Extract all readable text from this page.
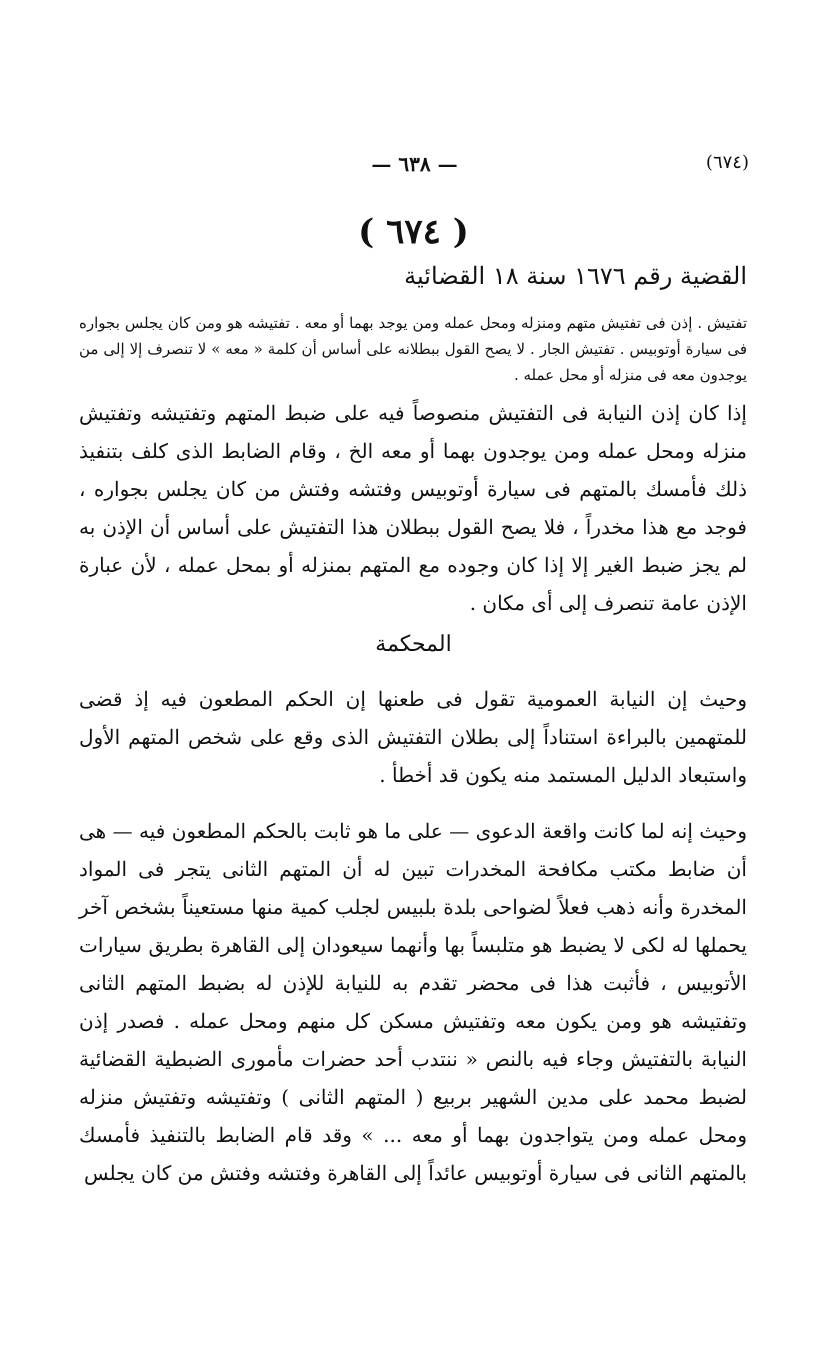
(٦٧٤)
— ٦٣٨ —
( ٦٧٤ )
القضية رقم ١٦٧٦ سنة ١٨ القضائية
تفتيش . إذن فى تفتيش متهم ومنزله ومحل عمله ومن يوجد بهما أو معه . تفتيشه هو ومن كان يجلس بجواره فى سيارة أوتوبيس . تفتيش الجار . لا يصح القول ببطلانه على أساس أن كلمة « معه » لا تنصرف إلا إلى من يوجدون معه فى منزله أو محل عمله .

إذا كان إذن النيابة فى التفتيش منصوصاً فيه على ضبط المتهم وتفتيشه وتفتيش منزله ومحل عمله ومن يوجدون بهما أو معه الخ ، وقام الضابط الذى كلف بتنفيذ ذلك فأمسك بالمتهم فى سيارة أوتوبيس وفتشه وفتش من كان يجلس بجواره ، فوجد مع هذا مخدراً ، فلا يصح القول ببطلان هذا التفتيش على أساس أن الإذن به لم يجز ضبط الغير إلا إذا كان وجوده مع المتهم بمنزله أو بمحل عمله ، لأن عبارة الإذن عامة تنصرف إلى أى مكان .

المحكمة

وحيث إن النيابة العمومية تقول فى طعنها إن الحكم المطعون فيه إذ قضى للمتهمين بالبراءة استناداً إلى بطلان التفتيش الذى وقع على شخص المتهم الأول واستبعاد الدليل المستمد منه يكون قد أخطأ .

وحيث إنه لما كانت واقعة الدعوى — على ما هو ثابت بالحكم المطعون فيه — هى أن ضابط مكتب مكافحة المخدرات تبين له أن المتهم الثانى يتجر فى المواد المخدرة وأنه ذهب فعلاً لضواحى بلدة بلبيس لجلب كمية منها مستعيناً بشخص آخر يحملها له لكى لا يضبط هو متلبساً بها وأنهما سيعودان إلى القاهرة بطريق سيارات الأتوبيس ، فأثبت هذا فى محضر تقدم به للنيابة للإذن له بضبط المتهم الثانى وتفتيشه هو ومن يكون معه وتفتيش مسكن كل منهم ومحل عمله . فصدر إذن النيابة بالتفتيش وجاء فيه بالنص « ننتدب أحد حضرات مأمورى الضبطية القضائية لضبط محمد على مدين الشهير بربيع ( المتهم الثانى ) وتفتيشه وتفتيش منزله ومحل عمله ومن يتواجدون بهما أو معه ... » وقد قام الضابط بالتنفيذ فأمسك بالمتهم الثانى فى سيارة أوتوبيس عائداً إلى القاهرة وفتشه وفتش من كان يجلس
